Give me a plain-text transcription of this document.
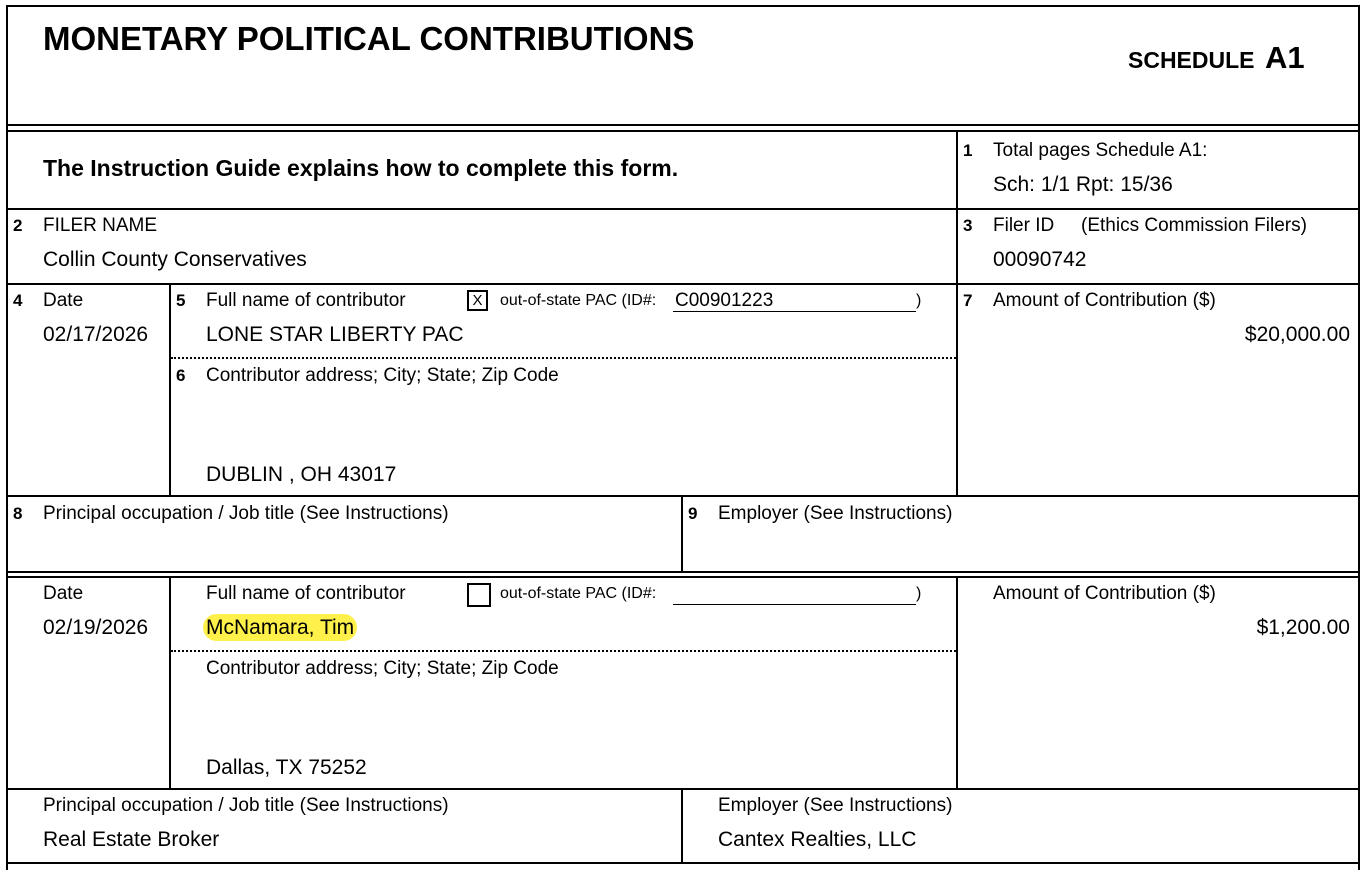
MONETARY POLITICAL CONTRIBUTIONS
SCHEDULE A1
The Instruction Guide explains how to complete this form.
1 Total pages Schedule A1:
Sch: 1/1 Rpt: 15/36
2 FILER NAME
Collin County Conservatives
3 Filer ID (Ethics Commission Filers)
00090742
4 Date
02/17/2026
5 Full name of contributor	X	out-of-state PAC (ID#: C00901223	)
LONE STAR LIBERTY PAC
6 Contributor address; City; State; Zip Code
DUBLIN , OH 43017
7 Amount of Contribution ($)
$20,000.00
8 Principal occupation / Job title (See Instructions)	9 Employer (See Instructions)
Date
02/19/2026
Full name of contributor	out-of-state PAC (ID#:	)
McNamara, Tim
Contributor address; City; State; Zip Code
Dallas, TX 75252
Amount of Contribution ($)
$1,200.00
Principal occupation / Job title (See Instructions)
Real Estate Broker
Employer (See Instructions)
Cantex Realties, LLC
